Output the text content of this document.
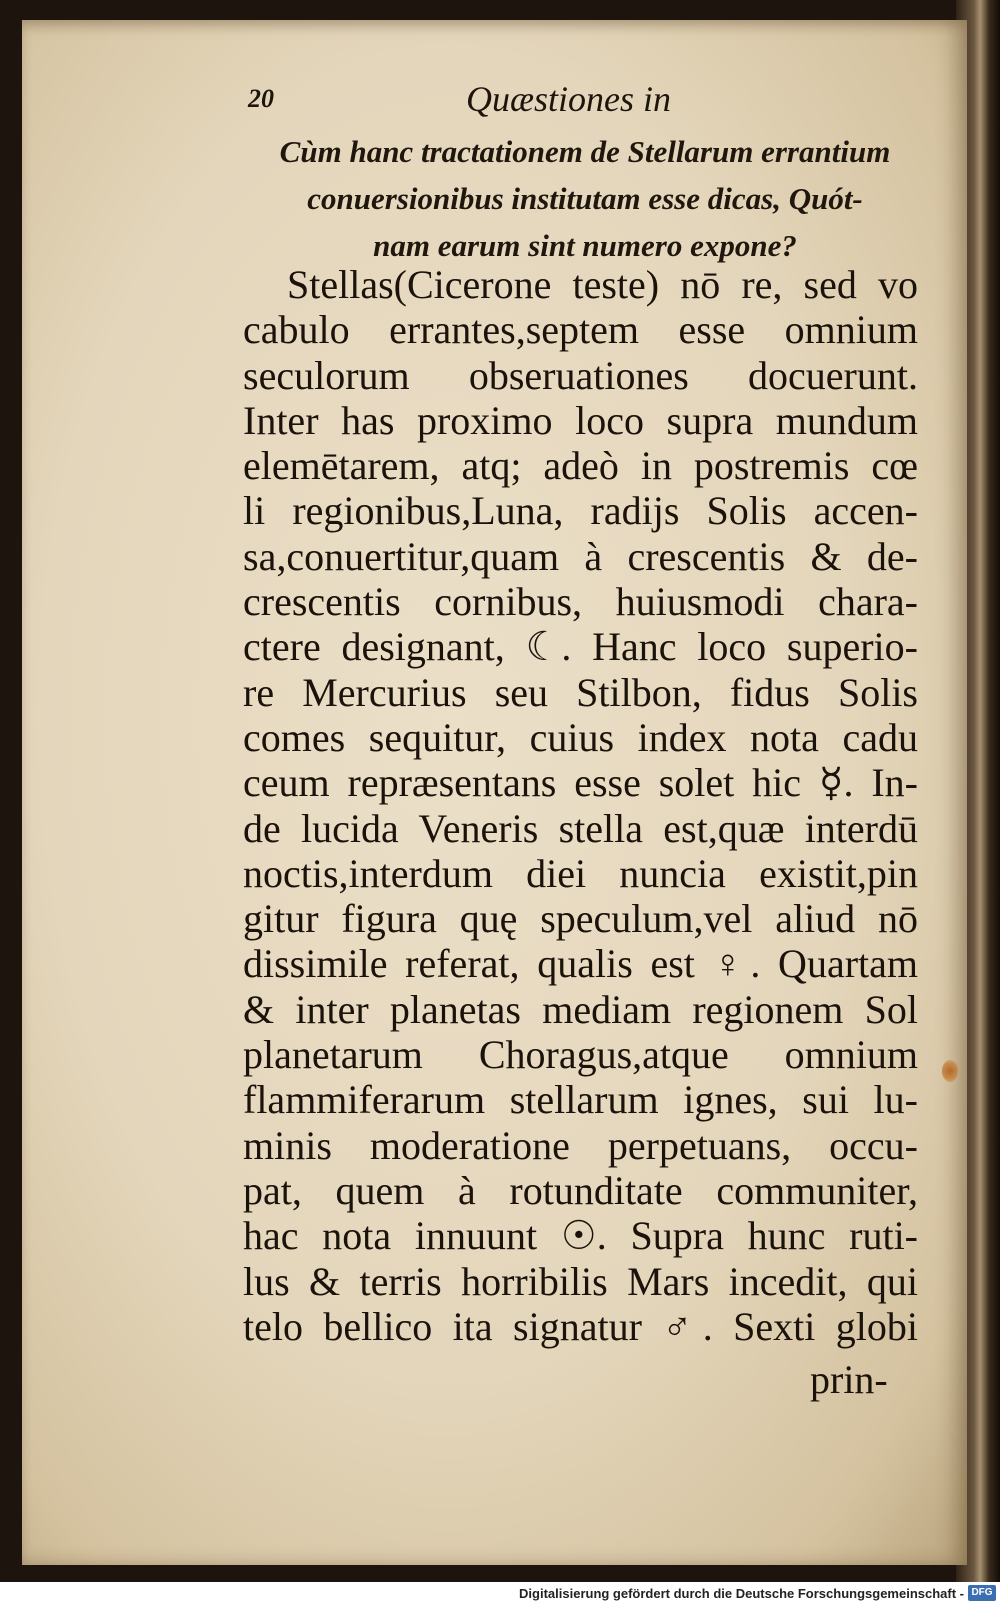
20	Quæstiones in
Cùm hanc tractationem de Stellarum errantium
conuersionibus institutam esse dicas, Quót-
nam earum sint numero expone?
Stellas(Cicerone teste) nō re, sed vo
cabulo errantes,septem esse omnium
seculorum obseruationes docuerunt.
Inter has proximo loco supra mundum
elemētarem, atq; adeò in postremis cœ
li regionibus,Luna, radijs Solis accen-
sa,conuertitur,quam à crescentis & de-
crescentis cornibus, huiusmodi chara-
ctere designant, ☾. Hanc loco superio-
re Mercurius seu Stilbon, fidus Solis
comes sequitur, cuius index nota cadu
ceum repræsentans esse solet hic ☿. In-
de lucida Veneris stella est,quæ interdū
noctis,interdum diei nuncia existit,pin
gitur figura quę speculum,vel aliud nō
dissimile referat, qualis est ♀. Quartam
& inter planetas mediam regionem Sol
planetarum Choragus,atque omnium
flammiferarum stellarum ignes, sui lu-
minis moderatione perpetuans, occu-
pat, quem à rotunditate communiter,
hac nota innuunt ☉. Supra hunc ruti-
lus & terris horribilis Mars incedit, qui
telo bellico ita signatur ♂. Sexti globi
prin-
Digitalisierung gefördert durch die Deutsche Forschungsgemeinschaft - DFG
